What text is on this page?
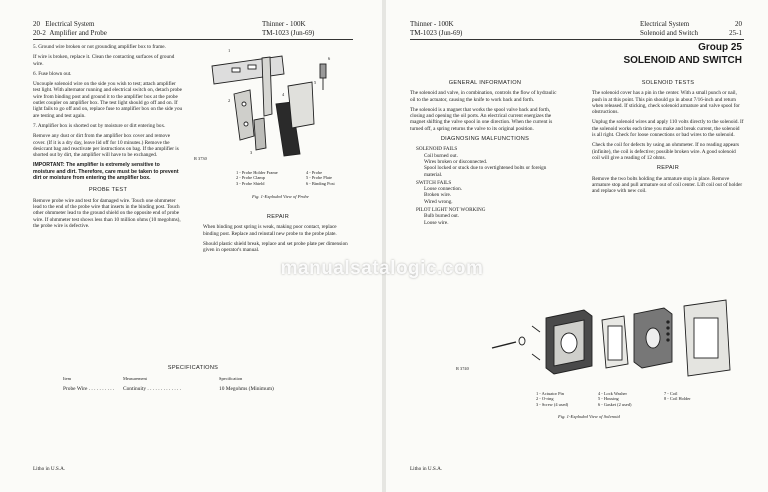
20 Electrical System
20-2 Amplifier and Probe
Thinner - 100K
TM-1023 (Jun-69)

5. Ground wire broken or not grounding amplifier box to frame.

If wire is broken, replace it. Clean the contacting surfaces of ground wire.

6. Fuse blown out.

Uncouple solenoid wire on the side you wish to test; attach amplifier test light. With alternator running and electrical switch on, detach probe wire from binding post and ground it to the amplifier box at the probe outlet coupler on amplifier box. The test light should go off and on. If light fails to go off and on, replace fuse to amplifier box on the side you are testing and test again.

7. Amplifier box is shorted out by moisture or dirt entering box.

Remove any dust or dirt from the amplifier box cover and remove cover. (If it is a dry day, leave lid off for 10 minutes.) Remove the desiccant bag and reactivate per instructions on bag. If the amplifier is shorted out by dirt, the amplifier will have to be exchanged.

IMPORTANT: The amplifier is extremely sensitive to moisture and dirt. Therefore, care must be taken to prevent dirt or moisture from entering the amplifier box.

PROBE TEST

Remove probe wire and test for damaged wire. Touch one ohmmeter lead to the end of the probe wire that inserts in the binding post. Touch other ohmmeter lead to the ground shield on the opposite end of probe wire. If ohmmeter test shows less than 10 million ohms (10 megohms), the probe wire is defective.

1
2
3
4
5
6
R 3730
1 - Probe Holder Frame
2 - Probe Clamp
3 - Probe Shield
4 - Probe
5 - Probe Plate
6 - Binding Post
Fig. 1-Exploded View of Probe

REPAIR

When binding post spring is weak, making poor contact, replace binding post. Replace and reinstall new probe to the probe plate.

Should plastic shield break, replace and set probe plate per dimension given in operator's manual.

SPECIFICATIONS
Item	Measurement	Specification
Probe Wire . . . . . . . . . . Continuity . . . . . . . . . . . . .	10 Megohms (Minimum)
Litho in U.S.A.
Thinner - 100K
TM-1023 (Jun-69)
Electrical System	20
Solenoid and Switch	25-1
Group 25
SOLENOID AND SWITCH

GENERAL INFORMATION

The solenoid and valve, in combination, controls the flow of hydraulic oil to the actuator, causing the knife to work back and forth.

The solenoid is a magnet that works the spool valve back and forth, closing and opening the oil ports. An electrical current energizes the magnet shifting the valve spool in one direction. When the current is turned off, a spring returns the valve to its original position.

DIAGNOSING MALFUNCTIONS

SOLENOID FAILS
Coil burned out.
Wires broken or disconnected.
Spool locked or stuck due to overtightened bolts or foreign material.
SWITCH FAILS
Loose connection.
Broken wire.
Wired wrong.
PILOT LIGHT NOT WORKING
Bulb burned out.
Loose wire.

SOLENOID TESTS

The solenoid cover has a pin in the center. With a small punch or nail, push in at this point. This pin should go in about 7/16-inch and return when released. If sticking, check solenoid armature and valve spool for obstructions.

Unplug the solenoid wires and apply 110 volts directly to the solenoid. If the solenoid works each time you make and break current, the solenoid is all right. Check for loose connections or bad wires to the solenoid.

Check the coil for defects by using an ohmmeter. If no reading appears (infinite), the coil is defective; possible broken wire. A good solenoid coil will give a reading of 12 ohms.

REPAIR

Remove the two bolts holding the armature stop in place. Remove armature stop and pull armature out of coil center. Lift coil out of holder and replace with new coil.

R 3740
1 - Actuator Pin
2 - O-ring
3 - Screw (4 used)
4 - Lock Washer
5 - Housing
6 - Gasket (2 used)
7 - Coil
8 - Coil Holder
Fig. 1-Exploded View of Solenoid
Litho in U.S.A.
manualsatalogic.com
